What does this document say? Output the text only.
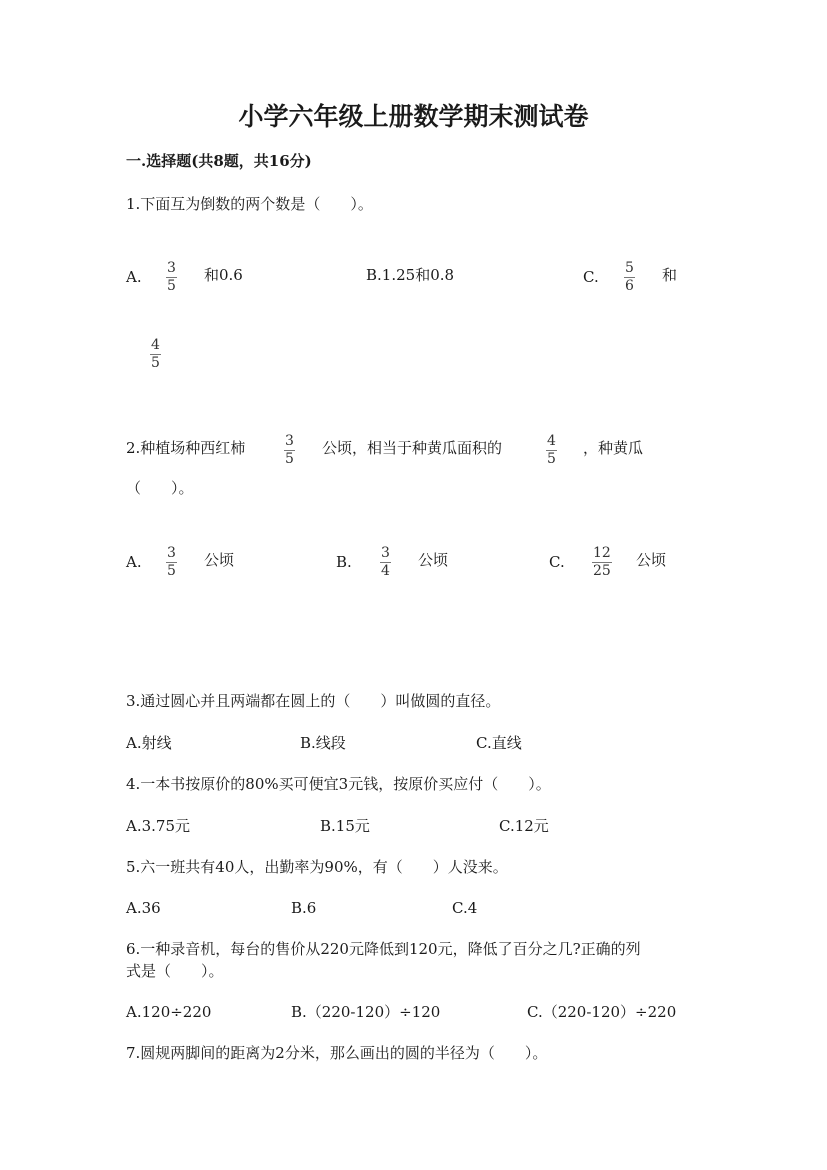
小学六年级上册数学期末测试卷
一.选择题(共8题，共16分)
1.下面互为倒数的两个数是（　　）。
A. 3
5
和0.6	B.1.25和0.8	C. 5
6
和
4
5
2.种植场种西红柿	3
5
公顷，相当于种黄瓜面积的	4
5
，种黄瓜
（　　）。
A. 3
5
公顷	B. 3
4
公顷	C. 12
25
公顷
3.通过圆心并且两端都在圆上的（　　）叫做圆的直径。
A.射线	B.线段	C.直线
4.一本书按原价的80%买可便宜3元钱，按原价买应付（　　）。
A.3.75元	B.15元	C.12元
5.六一班共有40人，出勤率为90%，有（　　）人没来。
A.36	B.6	C.4
6.一种录音机，每台的售价从220元降低到120元，降低了百分之几?正确的列
式是（　　）。
A.120÷220	B.（220-120）÷120	C.（220-120）÷220
7.圆规两脚间的距离为2分米，那么画出的圆的半径为（　　）。
